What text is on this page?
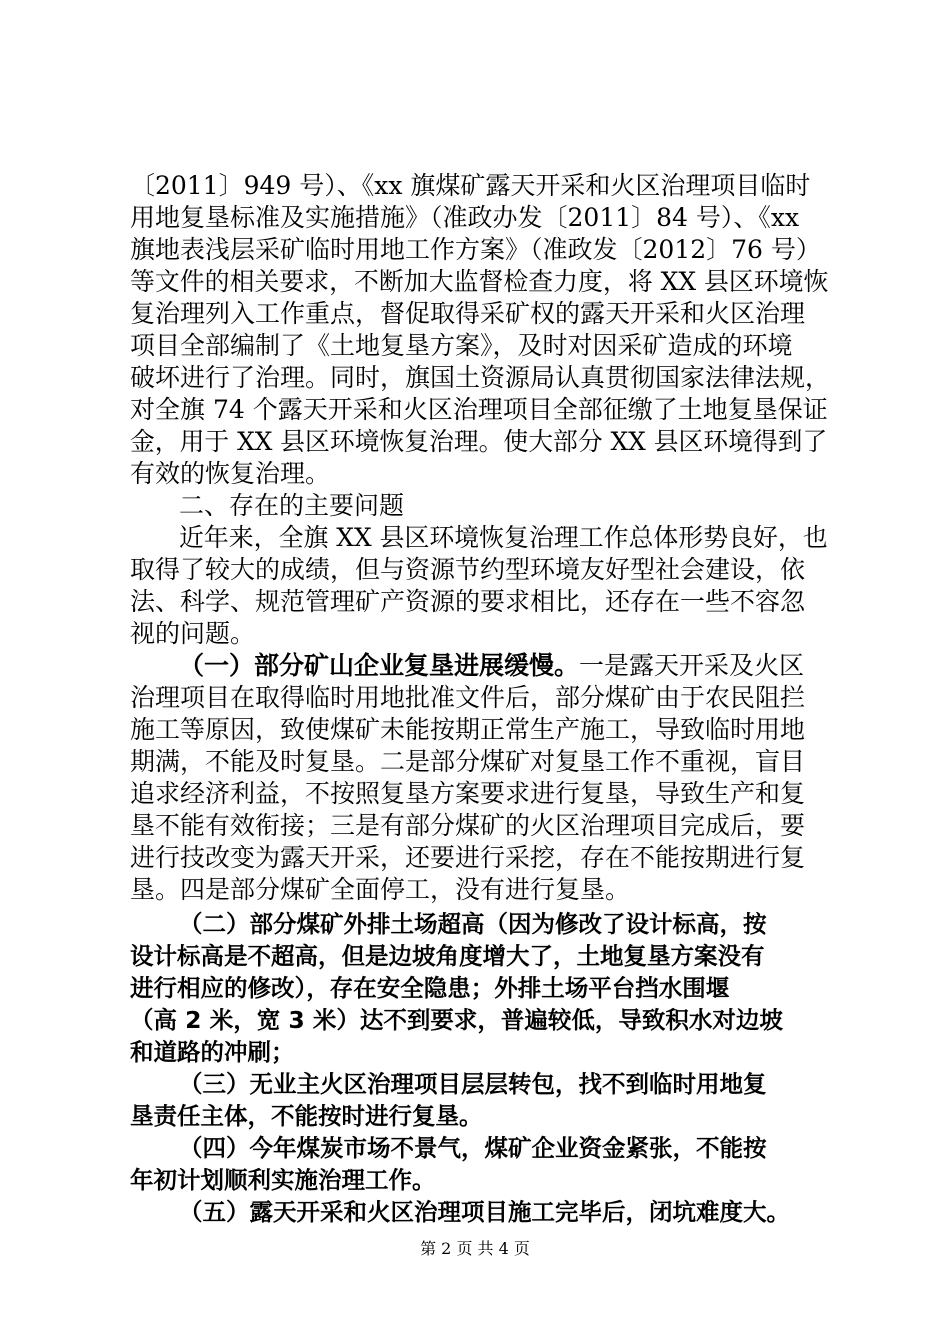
〔2011〕949 号）、《xx 旗煤矿露天开采和火区治理项目临时
用地复垦标准及实施措施》（准政办发〔2011〕84 号）、《xx
旗地表浅层采矿临时用地工作方案》（准政发〔2012〕76 号）
等文件的相关要求，不断加大监督检查力度，将 XX 县区环境恢
复治理列入工作重点，督促取得采矿权的露天开采和火区治理
项目全部编制了《土地复垦方案》，及时对因采矿造成的环境
破坏进行了治理。同时，旗国土资源局认真贯彻国家法律法规，
对全旗 74 个露天开采和火区治理项目全部征缴了土地复垦保证
金，用于 XX 县区环境恢复治理。使大部分 XX 县区环境得到了
有效的恢复治理。
二、存在的主要问题
近年来，全旗 XX 县区环境恢复治理工作总体形势良好，也
取得了较大的成绩，但与资源节约型环境友好型社会建设，依
法、科学、规范管理矿产资源的要求相比，还存在一些不容忽
视的问题。
（一）部分矿山企业复垦进展缓慢。一是露天开采及火区
治理项目在取得临时用地批准文件后，部分煤矿由于农民阻拦
施工等原因，致使煤矿未能按期正常生产施工，导致临时用地
期满，不能及时复垦。二是部分煤矿对复垦工作不重视，盲目
追求经济利益，不按照复垦方案要求进行复垦，导致生产和复
垦不能有效衔接；三是有部分煤矿的火区治理项目完成后，要
进行技改变为露天开采，还要进行采挖，存在不能按期进行复
垦。四是部分煤矿全面停工，没有进行复垦。
（二）部分煤矿外排土场超高（因为修改了设计标高，按
设计标高是不超高，但是边坡角度增大了，土地复垦方案没有
进行相应的修改），存在安全隐患；外排土场平台挡水围堰
（高 2 米，宽 3 米）达不到要求，普遍较低，导致积水对边坡
和道路的冲刷；
（三）无业主火区治理项目层层转包，找不到临时用地复
垦责任主体，不能按时进行复垦。
（四）今年煤炭市场不景气，煤矿企业资金紧张，不能按
年初计划顺利实施治理工作。
（五）露天开采和火区治理项目施工完毕后，闭坑难度大。
第 2 页 共 4 页
